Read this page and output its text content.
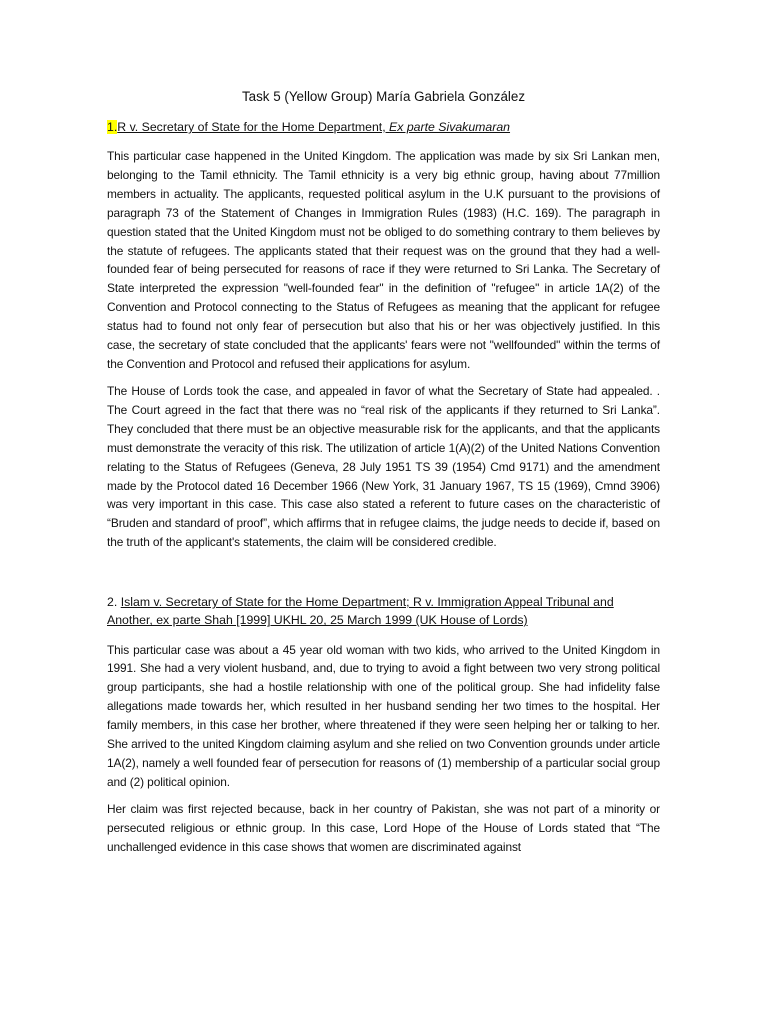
Task 5 (Yellow Group) María Gabriela González
1.R v. Secretary of State for the Home Department, Ex parte Sivakumaran

This particular case happened in the United Kingdom. The application was made by six Sri Lankan men, belonging to the Tamil ethnicity. The Tamil ethnicity is a very big ethnic group, having about 77million members in actuality. The applicants, requested political asylum in the U.K pursuant to the provisions of paragraph 73 of the Statement of Changes in Immigration Rules (1983) (H.C. 169). The paragraph in question stated that the United Kingdom must not be obliged to do something contrary to them believes by the statute of refugees. The applicants stated that their request was on the ground that they had a well-founded fear of being persecuted for reasons of race if they were returned to Sri Lanka. The Secretary of State interpreted the expression "well-founded fear" in the definition of "refugee" in article 1A(2) of the Convention and Protocol connecting to the Status of Refugees as meaning that the applicant for refugee status had to found not only fear of persecution but also that his or her was objectively justified. In this case, the secretary of state concluded that the applicants' fears were not "wellfounded" within the terms of the Convention and Protocol and refused their applications for asylum.

The House of Lords took the case, and appealed in favor of what the Secretary of State had appealed. . The Court agreed in the fact that there was no “real risk of the applicants if they returned to Sri Lanka”. They concluded that there must be an objective measurable risk for the applicants, and that the applicants must demonstrate the veracity of this risk. The utilization of article 1(A)(2) of the United Nations Convention relating to the Status of Refugees (Geneva, 28 July 1951 TS 39 (1954) Cmd 9171) and the amendment made by the Protocol dated 16 December 1966 (New York, 31 January 1967, TS 15 (1969), Cmnd 3906) was very important in this case. This case also stated a referent to future cases on the characteristic of “Bruden and standard of proof”, which affirms that in refugee claims, the judge needs to decide if, based on the truth of the applicant's statements, the claim will be considered credible.

2. Islam v. Secretary of State for the Home Department; R v. Immigration Appeal Tribunal and
Another, ex parte Shah [1999] UKHL 20, 25 March 1999 (UK House of Lords)

This particular case was about a 45 year old woman with two kids, who arrived to the United Kingdom in 1991. She had a very violent husband, and, due to trying to avoid a fight between two very strong political group participants, she had a hostile relationship with one of the political group. She had infidelity false allegations made towards her, which resulted in her husband sending her two times to the hospital. Her family members, in this case her brother, where threatened if they were seen helping her or talking to her. She arrived to the united Kingdom claiming asylum and she relied on two Convention grounds under article 1A(2), namely a well founded fear of persecution for reasons of (1) membership of a particular social group and (2) political opinion.

Her claim was first rejected because, back in her country of Pakistan, she was not part of a minority or persecuted religious or ethnic group. In this case, Lord Hope of the House of Lords stated that “The unchallenged evidence in this case shows that women are discriminated against
